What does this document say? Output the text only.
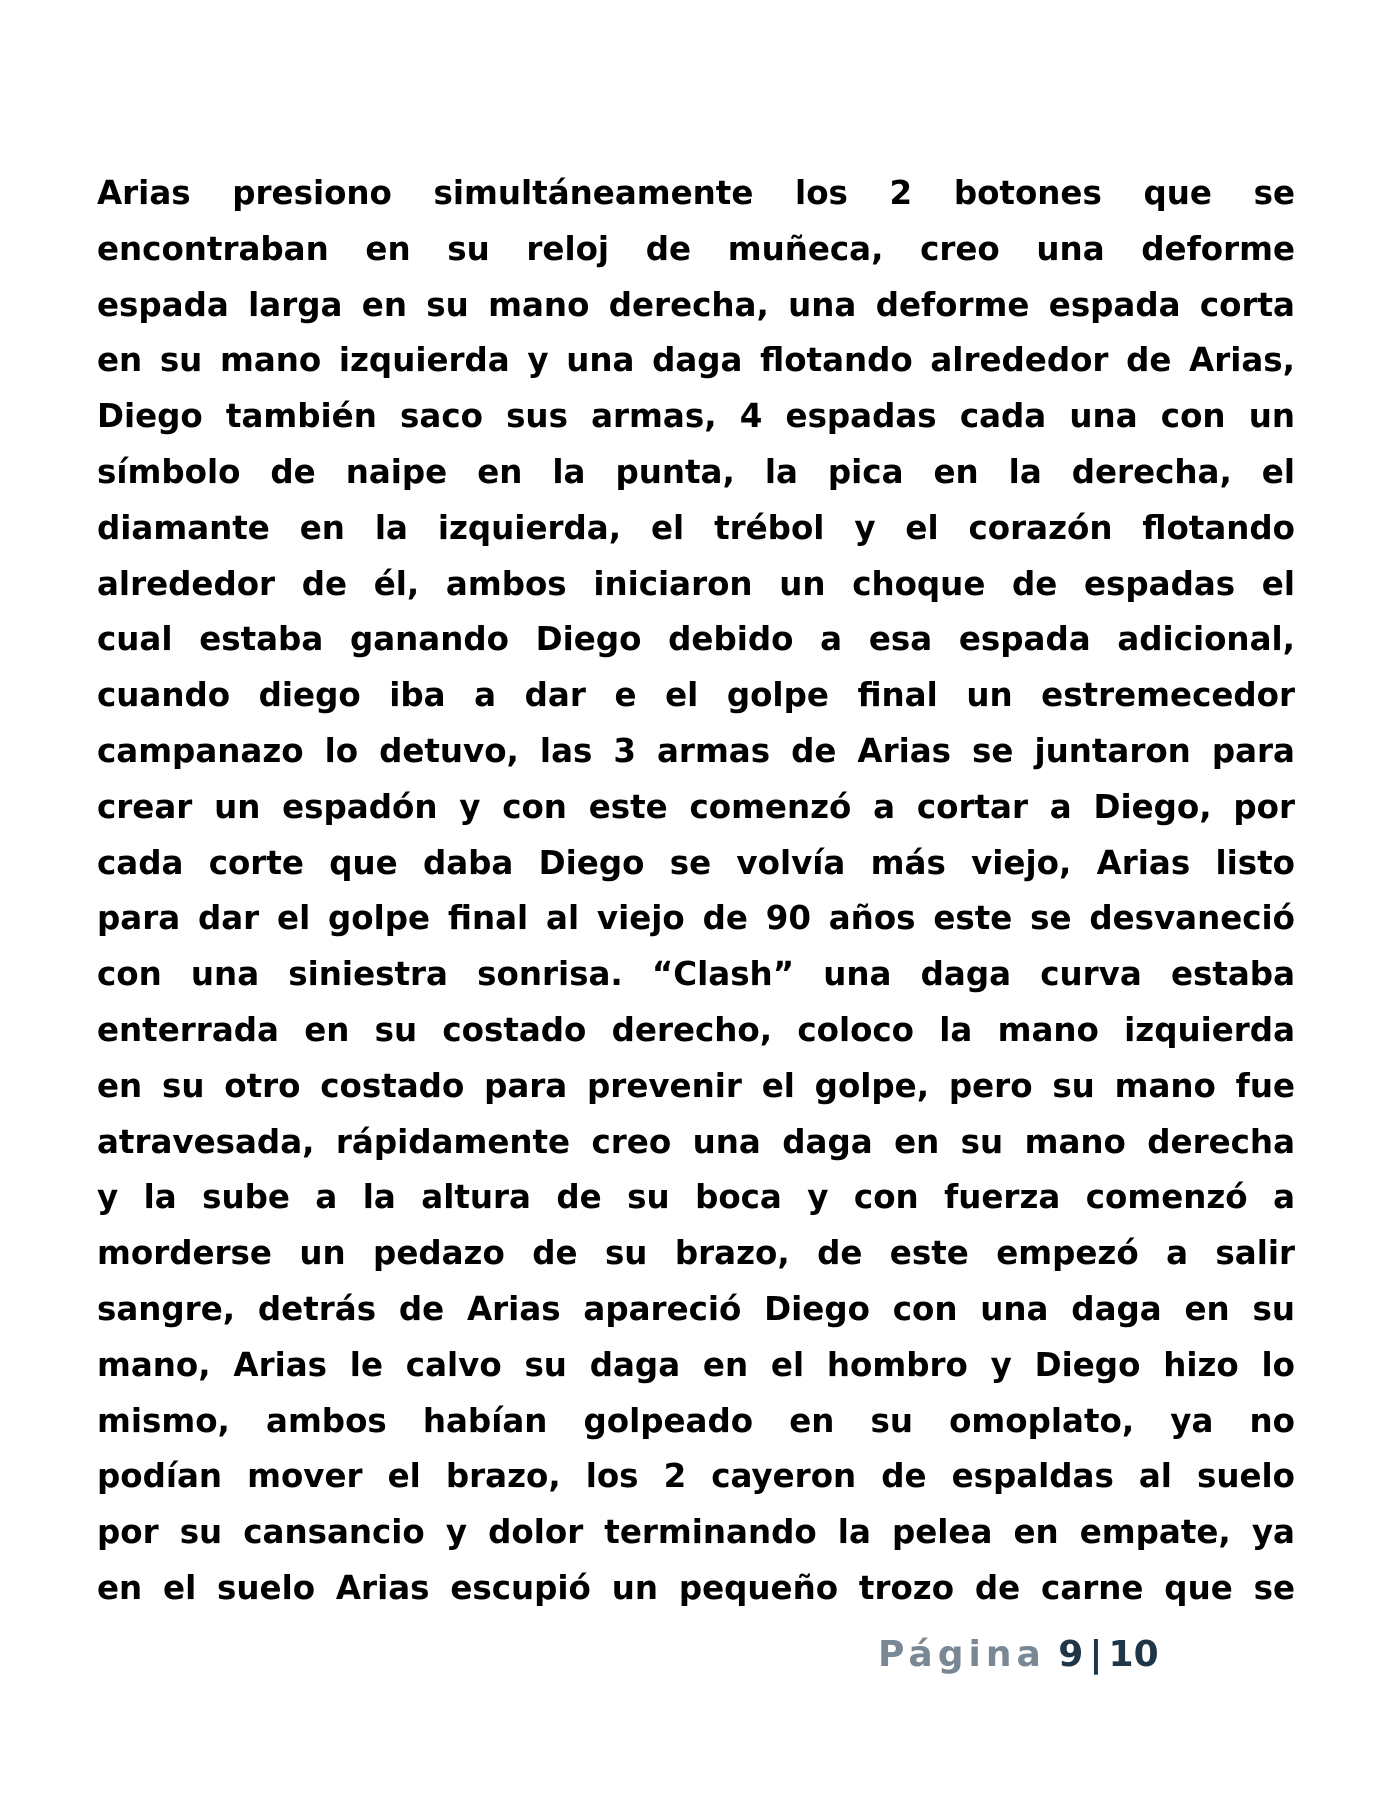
Arias presiono simultáneamente los 2 botones que se
encontraban en su reloj de muñeca, creo una deforme
espada larga en su mano derecha, una deforme espada corta
en su mano izquierda y una daga flotando alrededor de Arias,
Diego también saco sus armas, 4 espadas cada una con un
símbolo de naipe en la punta, la pica en la derecha, el
diamante en la izquierda, el trébol y el corazón flotando
alrededor de él, ambos iniciaron un choque de espadas el
cual estaba ganando Diego debido a esa espada adicional,
cuando diego iba a dar e el golpe final un estremecedor
campanazo lo detuvo, las 3 armas de Arias se juntaron para
crear un espadón y con este comenzó a cortar a Diego, por
cada corte que daba Diego se volvía más viejo, Arias listo
para dar el golpe final al viejo de 90 años este se desvaneció
con una siniestra sonrisa. “Clash” una daga curva estaba
enterrada en su costado derecho, coloco la mano izquierda
en su otro costado para prevenir el golpe, pero su mano fue
atravesada, rápidamente creo una daga en su mano derecha
y la sube a la altura de su boca y con fuerza comenzó a
morderse un pedazo de su brazo, de este empezó a salir
sangre, detrás de Arias apareció Diego con una daga en su
mano, Arias le calvo su daga en el hombro y Diego hizo lo
mismo, ambos habían golpeado en su omoplato, ya no
podían mover el brazo, los 2 cayeron de espaldas al suelo
por su cansancio y dolor terminando la pelea en empate, ya
en el suelo Arias escupió un pequeño trozo de carne que se
Página 9 | 10
